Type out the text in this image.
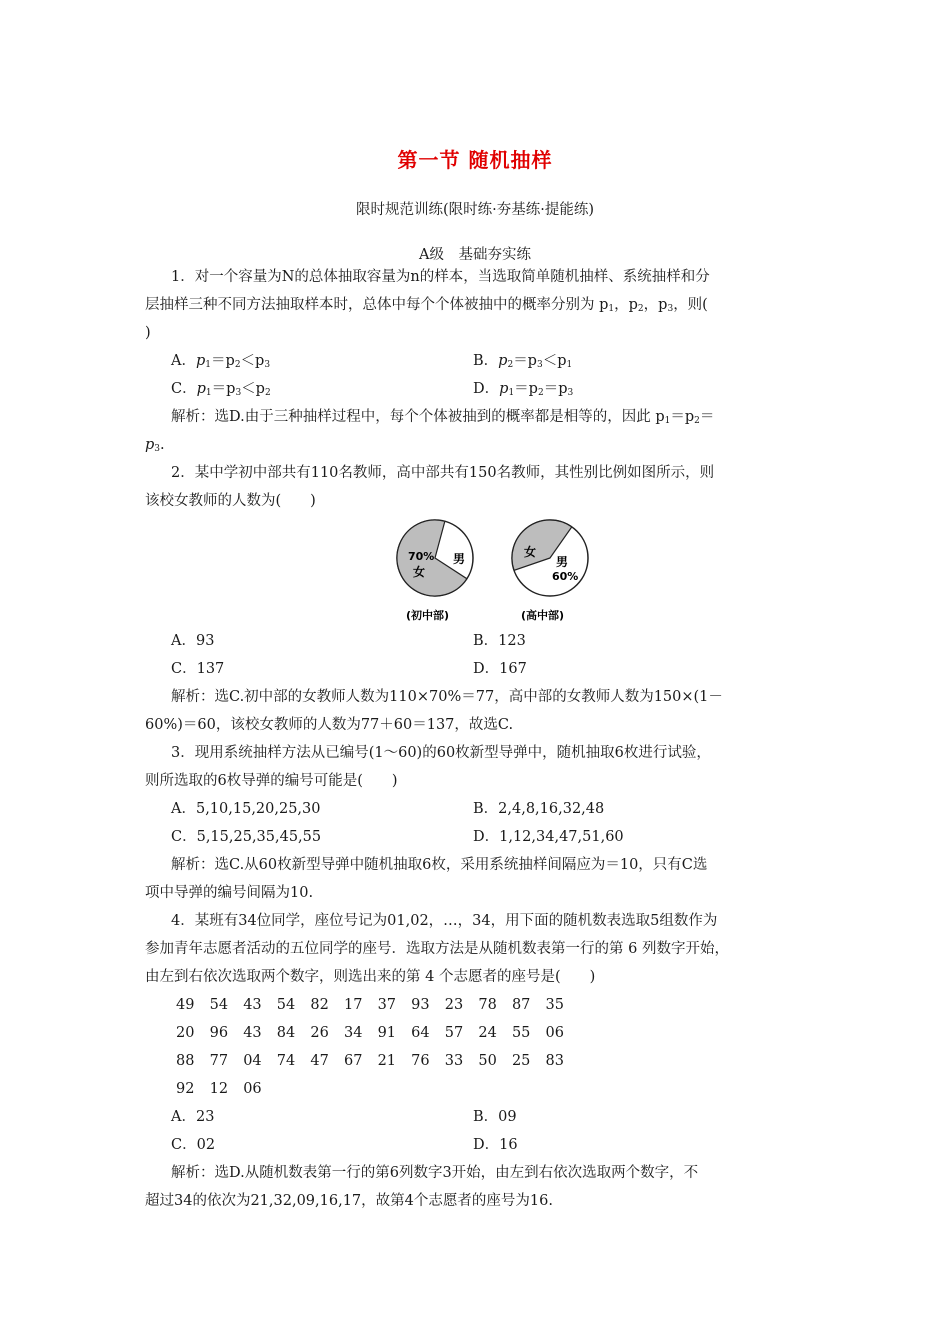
第一节 随机抽样
限时规范训练(限时练·夯基练·提能练)
A级　基础夯实练
1．对一个容量为N的总体抽取容量为n的样本，当选取简单随机抽样、系统抽样和分
层抽样三种不同方法抽取样本时，总体中每个个体被抽中的概率分别为 $p_1$，$p_2$，$p_3$，则(
)
A．$p_1=p_2<p_3$	B．$p_2=p_3<p_1$
C．$p_1=p_3<p_2$	D．$p_1=p_2=p_3$
解析：选D.由于三种抽样过程中，每个个体被抽到的概率都是相等的，因此 $p_1=p_2=$
$p_3$.
2．某中学初中部共有110名教师，高中部共有150名教师，其性别比例如图所示，则
该校女教师的人数为(　　)
70%
女
男
(初中部)
女
男
60%
(高中部)
A．93	B．123
C．137	D．167
解析：选C.初中部的女教师人数为110×70%＝77，高中部的女教师人数为150×(1－
60%)＝60，该校女教师的人数为77＋60＝137，故选C.
3．现用系统抽样方法从已编号(1～60)的60枚新型导弹中，随机抽取6枚进行试验，
则所选取的6枚导弹的编号可能是(　　)
A．5,10,15,20,25,30	B．2,4,8,16,32,48
C．5,15,25,35,45,55	D．1,12,34,47,51,60
解析：选C.从60枚新型导弹中随机抽取6枚，采用系统抽样间隔应为＝10，只有C选
项中导弹的编号间隔为10.
4．某班有34位同学，座位号记为01,02，…，34，用下面的随机数表选取5组数作为
参加青年志愿者活动的五位同学的座号．选取方法是从随机数表第一行的第 6 列数字开始，
由左到右依次选取两个数字，则选出来的第 4 个志愿者的座号是(　　)
49 54 43 54 82 17 37 93 23 78 87 35
20 96 43 84 26 34 91 64 57 24 55 06
88 77 04 74 47 67 21 76 33 50 25 83
92 12 06
A．23	B．09
C．02	D．16
解析：选D.从随机数表第一行的第6列数字3开始，由左到右依次选取两个数字，不
超过34的依次为21,32,09,16,17，故第4个志愿者的座号为16.
